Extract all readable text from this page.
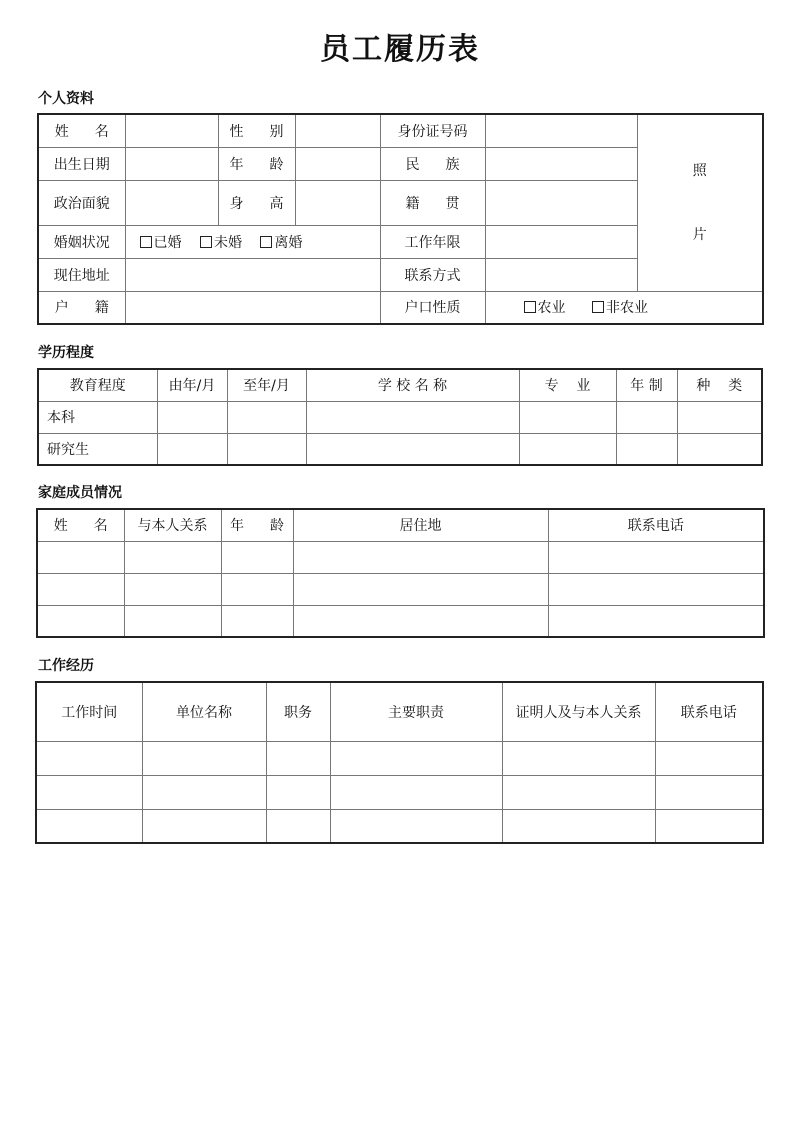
员工履历表
个人资料
姓 名		性 别		身份证号码		照
片
出生日期		年 龄		民 族		
政治面貌		身 高		籍 贯		
婚姻状况	已婚 未婚 离婚			工作年限		
现住地址				联系方式		
户 籍				户口性质	农业 非农业	
学历程度
教育程度	由年/月	至年/月	学 校 名 称	专    业	年 制	种    类
本科						
研究生						
家庭成员情况
姓 名	与本人关系	年 龄	居住地	联系电话

工作经历
工作时间	单位名称	职务	主要职责	证明人及与本人关系	联系电话
